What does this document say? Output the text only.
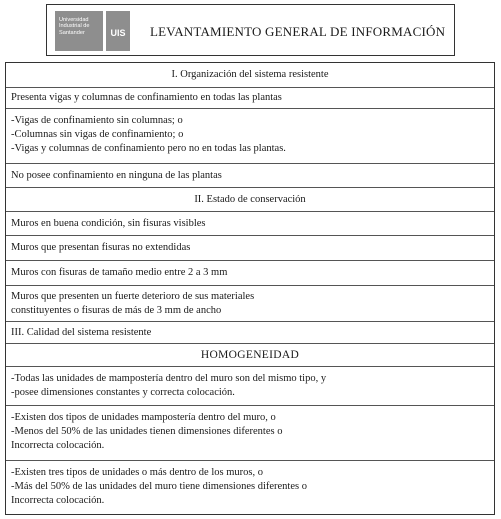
Universidad
Industrial de
Santander	UIS LEVANTAMIENTO GENERAL DE INFORMACIÓN
I. Organización del sistema resistente
Presenta vigas y columnas de confinamiento en todas las plantas
-Vigas de confinamiento sin columnas; o
-Columnas sin vigas de confinamiento; o
-Vigas y columnas de confinamiento pero no en todas las plantas.
No posee confinamiento en ninguna de las plantas
II. Estado de conservación
Muros en buena condición, sin fisuras visibles
Muros que presentan fisuras no extendidas
Muros con fisuras de tamaño medio entre 2 a 3 mm
Muros que presenten un fuerte deterioro de sus materiales
constituyentes o fisuras de más de 3 mm de ancho
III. Calidad del sistema resistente
HOMOGENEIDAD
-Todas las unidades de mampostería dentro del muro son del mismo tipo, y
-posee dimensiones constantes y correcta colocación.
-Existen dos tipos de unidades mampostería dentro del muro, o
-Menos del 50% de las unidades tienen dimensiones diferentes o
Incorrecta colocación.
-Existen tres tipos de unidades o más dentro de los muros, o
-Más del 50% de las unidades del muro tiene dimensiones diferentes o
Incorrecta colocación.
